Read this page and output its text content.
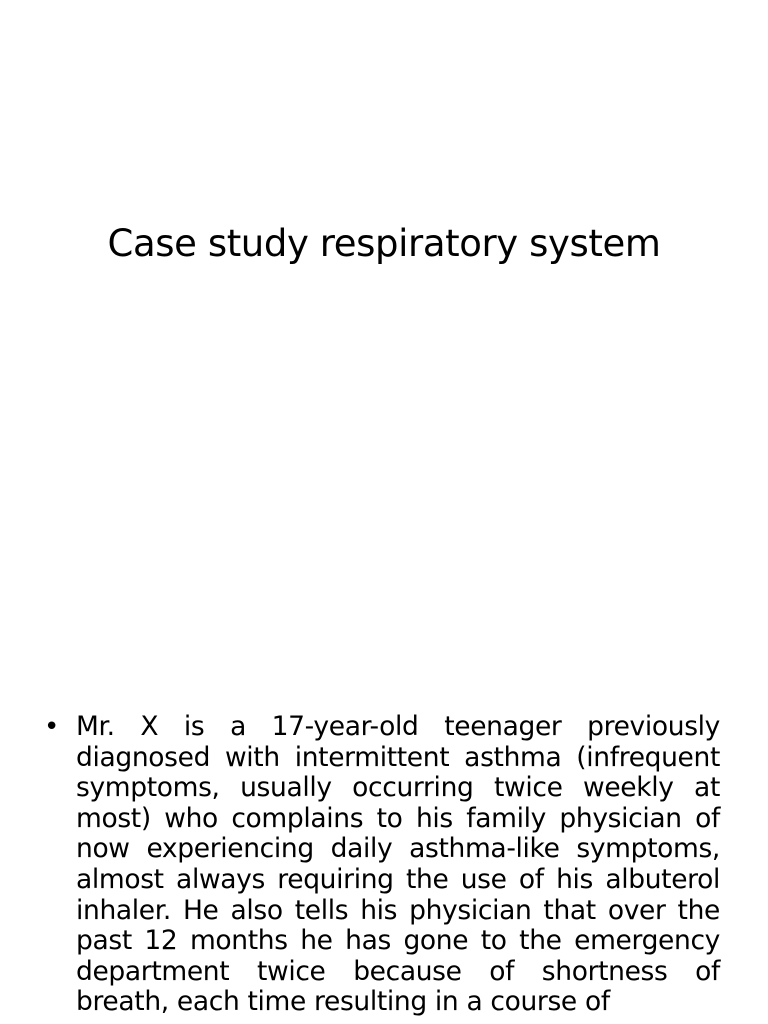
Case study respiratory system
• Mr. X is a 17-year-old teenager previously diagnosed with intermittent asthma (infrequent symptoms, usually occurring twice weekly at most) who complains to his family physician of now experiencing daily asthma-like symptoms, almost always requiring the use of his albuterol inhaler. He also tells his physician that over the past 12 months he has gone to the emergency department twice because of shortness of breath, each time resulting in a course of
